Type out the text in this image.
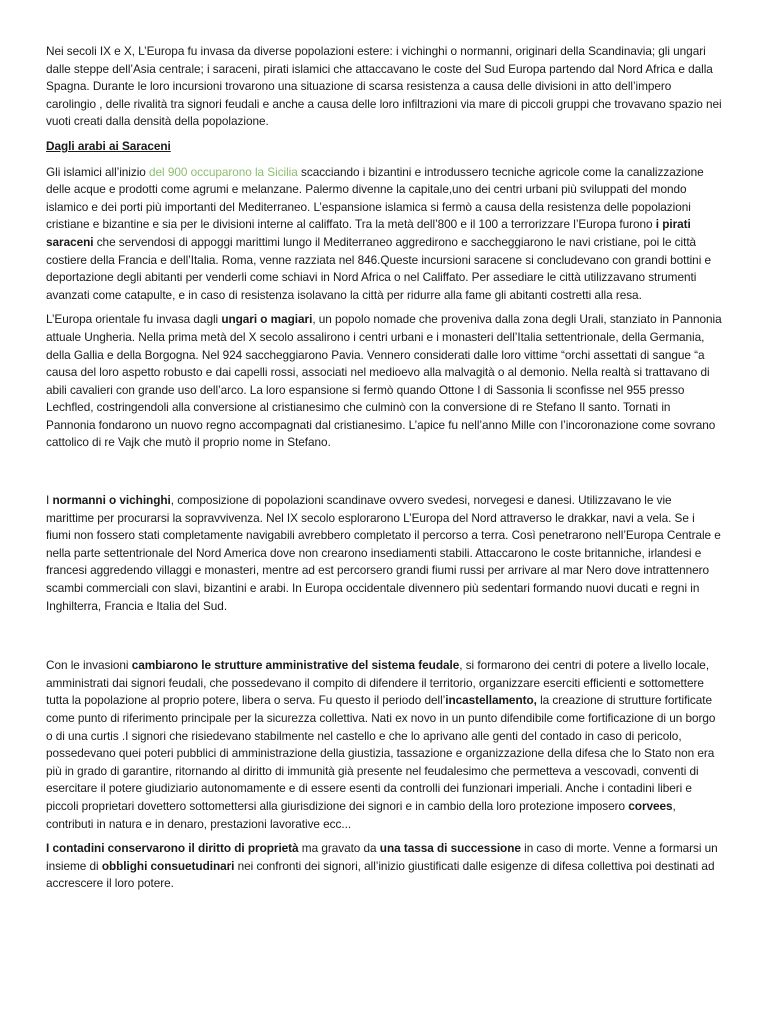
Nei secoli IX e X, L’Europa fu invasa da diverse popolazioni estere: i vichinghi o normanni, originari della Scandinavia; gli ungari dalle steppe dell’Asia centrale; i saraceni, pirati islamici che attaccavano le coste del Sud Europa partendo dal Nord Africa e dalla Spagna. Durante le loro incursioni trovarono una situazione di scarsa resistenza a causa delle divisioni in atto dell’impero carolingio , delle rivalità tra signori feudali e anche a causa delle loro infiltrazioni via mare di piccoli gruppi che trovavano spazio nei vuoti creati dalla densità della popolazione.

Dagli arabi ai Saraceni

Gli islamici all’inizio del 900 occuparono la Sicilia scacciando i bizantini e introdussero tecniche agricole come la canalizzazione delle acque e prodotti come agrumi e melanzane. Palermo divenne la capitale,uno dei centri urbani più sviluppati del mondo islamico e dei porti più importanti del Mediterraneo. L’espansione islamica si fermò a causa della resistenza delle popolazioni cristiane e bizantine e sia per le divisioni interne al califfato. Tra la metà dell’800 e il 100 a terrorizzare l’Europa furono i pirati saraceni che servendosi di appoggi marittimi lungo il Mediterraneo aggredirono e saccheggiarono le navi cristiane, poi le città costiere della Francia e dell’Italia. Roma, venne razziata nel 846.Queste incursioni saracene si concludevano con grandi bottini e deportazione degli abitanti per venderli come schiavi in Nord Africa o nel Califfato. Per assediare le città utilizzavano strumenti avanzati come catapulte, e in caso di resistenza isolavano la città per ridurre alla fame gli abitanti costretti alla resa.

L’Europa orientale fu invasa dagli ungari o magiari, un popolo nomade che proveniva dalla zona degli Urali, stanziato in Pannonia attuale Ungheria. Nella prima metà del X secolo assalirono i centri urbani e i monasteri dell’Italia settentrionale, della Germania, della Gallia e della Borgogna. Nel 924 saccheggiarono Pavia. Vennero considerati dalle loro vittime “orchi assettati di sangue “a causa del loro aspetto robusto e dai capelli rossi, associati nel medioevo alla malvagità o al demonio. Nella realtà si trattavano di abili cavalieri con grande uso dell’arco. La loro espansione si fermò quando Ottone I di Sassonia li sconfisse nel 955 presso Lechfled, costringendoli alla conversione al cristianesimo che culminò con la conversione di re Stefano Il santo. Tornati in Pannonia fondarono un nuovo regno accompagnati dal cristianesimo. L’apice fu nell’anno Mille con l’incoronazione come sovrano cattolico di re Vajk che mutò il proprio nome in Stefano.

I normanni o vichinghi, composizione di popolazioni scandinave ovvero svedesi, norvegesi e danesi. Utilizzavano le vie marittime per procurarsi la sopravvivenza. Nel IX secolo esplorarono L’Europa del Nord attraverso le drakkar, navi a vela. Se i fiumi non fossero stati completamente navigabili avrebbero completato il percorso a terra. Così penetrarono nell’Europa Centrale e nella parte settentrionale del Nord America dove non crearono insediamenti stabili. Attaccarono le coste britanniche, irlandesi e francesi aggredendo villaggi e monasteri, mentre ad est percorsero grandi fiumi russi per arrivare al mar Nero dove intrattennero scambi commerciali con slavi, bizantini e arabi. In Europa occidentale divennero più sedentari formando nuovi ducati e regni in Inghilterra, Francia e Italia del Sud.

Con le invasioni cambiarono le strutture amministrative del sistema feudale, si formarono dei centri di potere a livello locale, amministrati dai signori feudali, che possedevano il compito di difendere il territorio, organizzare eserciti efficienti e sottomettere tutta la popolazione al proprio potere, libera o serva. Fu questo il periodo dell’incastellamento, la creazione di strutture fortificate come punto di riferimento principale per la sicurezza collettiva. Nati ex novo in un punto difendibile come fortificazione di un borgo o di una curtis .I signori che risiedevano stabilmente nel castello e che lo aprivano alle genti del contado in caso di pericolo, possedevano quei poteri pubblici di amministrazione della giustizia, tassazione e organizzazione della difesa che lo Stato non era più in grado di garantire, ritornando al diritto di immunità già presente nel feudalesimo che permetteva a vescovadi, conventi di esercitare il potere giudiziario autonomamente e di essere esenti da controlli dei funzionari imperiali. Anche i contadini liberi e piccoli proprietari dovettero sottomettersi alla giurisdizione dei signori e in cambio della loro protezione imposero corvees, contributi in natura e in denaro, prestazioni lavorative ecc...

I contadini conservarono il diritto di proprietà ma gravato da una tassa di successione in caso di morte. Venne a formarsi un insieme di obblighi consuetudinari nei confronti dei signori, all’inizio giustificati dalle esigenze di difesa collettiva poi destinati ad accrescere il loro potere.
